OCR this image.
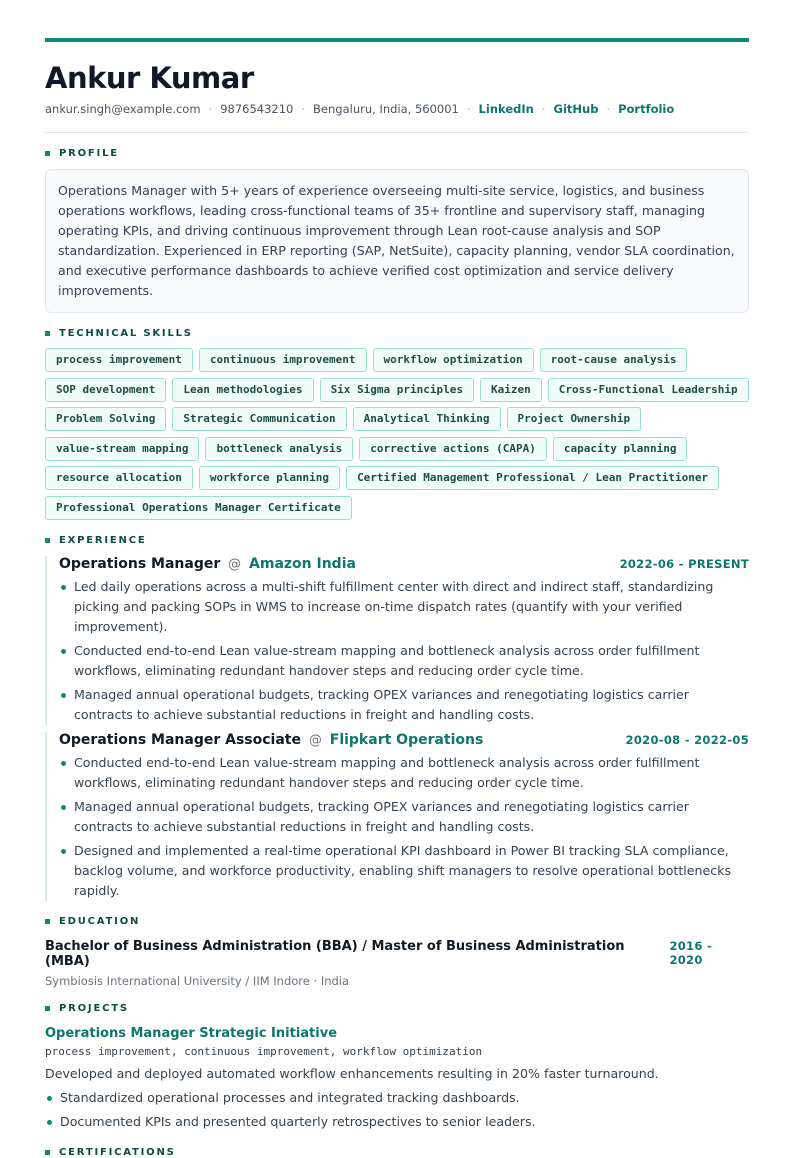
Ankur Kumar
ankur.singh@example.com · 9876543210 · Bengaluru, India, 560001 · LinkedIn · GitHub · Portfolio
PROFILE
Operations Manager with 5+ years of experience overseeing multi-site service, logistics, and business operations workflows, leading cross-functional teams of 35+ frontline and supervisory staff, managing operating KPIs, and driving continuous improvement through Lean root-cause analysis and SOP standardization. Experienced in ERP reporting (SAP, NetSuite), capacity planning, vendor SLA coordination, and executive performance dashboards to achieve verified cost optimization and service delivery improvements.
TECHNICAL SKILLS
process improvement	continuous improvement	workflow optimization	root-cause analysis
SOP development	Lean methodologies	Six Sigma principles	Kaizen	Cross-Functional Leadership
Problem Solving	Strategic Communication	Analytical Thinking	Project Ownership
value-stream mapping	bottleneck analysis	corrective actions (CAPA)	capacity planning
resource allocation	workforce planning	Certified Management Professional / Lean Practitioner
Professional Operations Manager Certificate
EXPERIENCE
Operations Manager @ Amazon India	2022-06 - PRESENT
Led daily operations across a multi-shift fulfillment center with direct and indirect staff, standardizing picking and packing SOPs in WMS to increase on-time dispatch rates (quantify with your verified improvement).
Conducted end-to-end Lean value-stream mapping and bottleneck analysis across order fulfillment workflows, eliminating redundant handover steps and reducing order cycle time.
Managed annual operational budgets, tracking OPEX variances and renegotiating logistics carrier contracts to achieve substantial reductions in freight and handling costs.
Operations Manager Associate @ Flipkart Operations	2020-08 - 2022-05
Conducted end-to-end Lean value-stream mapping and bottleneck analysis across order fulfillment workflows, eliminating redundant handover steps and reducing order cycle time.
Managed annual operational budgets, tracking OPEX variances and renegotiating logistics carrier contracts to achieve substantial reductions in freight and handling costs.
Designed and implemented a real-time operational KPI dashboard in Power BI tracking SLA compliance, backlog volume, and workforce productivity, enabling shift managers to resolve operational bottlenecks rapidly.
EDUCATION
Bachelor of Business Administration (BBA) / Master of Business Administration (MBA)
2016 - 2020
Symbiosis International University / IIM Indore · India
PROJECTS
Operations Manager Strategic Initiative
process improvement, continuous improvement, workflow optimization
Developed and deployed automated workflow enhancements resulting in 20% faster turnaround.
Standardized operational processes and integrated tracking dashboards.
Documented KPIs and presented quarterly retrospectives to senior leaders.
CERTIFICATIONS
